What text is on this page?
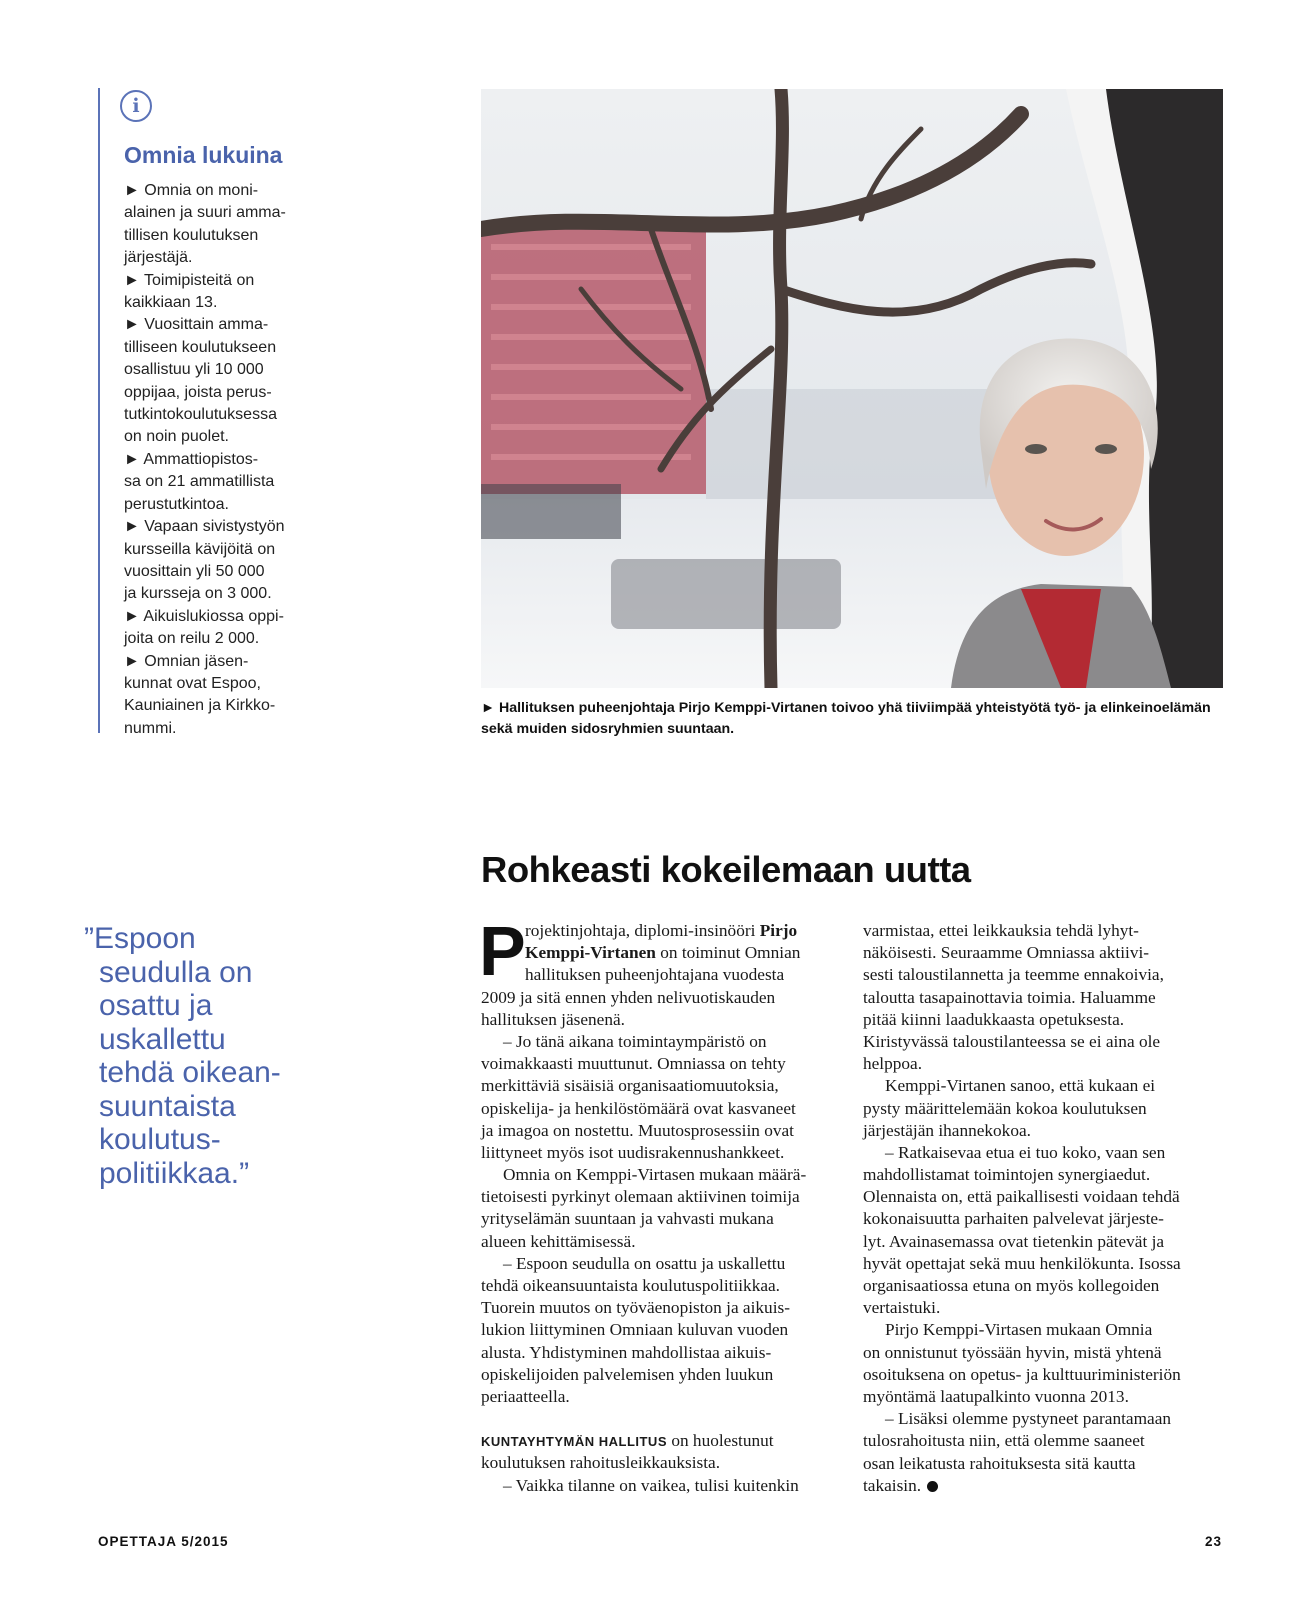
i
Omnia lukuina
► Omnia on moni-
alainen ja suuri amma-
tillisen koulutuksen
järjestäjä.
► Toimipisteitä on
kaikkiaan 13.
► Vuosittain amma-
tilliseen koulutukseen
osallistuu yli 10 000
oppijaa, joista perus-
tutkintokoulutuksessa
on noin puolet.
► Ammattiopistos-
sa on 21 ammatillista
perustutkintoa.
► Vapaan sivistystyön
kursseilla kävijöitä on
vuosittain yli 50 000
ja kursseja on 3 000.
► Aikuislukiossa oppi-
joita on reilu 2 000.
► Omnian jäsen-
kunnat ovat Espoo,
Kauniainen ja Kirkko-
nummi.
► Hallituksen puheenjohtaja Pirjo Kemppi-Virtanen toivoo yhä tiiviimpää yhteistyötä työ- ja elinkeinoelämän sekä muiden sidosryhmien suuntaan.
Rohkeasti kokeilemaan uutta
”Espoon
seudulla on
osattu ja
uskallettu
tehdä oikean-
suuntaista
koulutus-
politiikkaa.”
P rojektinjohtaja, diplomi-insinööri Pirjo
Kemppi-Virtanen on toiminut Omnian
hallituksen puheenjohtajana vuodesta
2009 ja sitä ennen yhden nelivuotiskauden
hallituksen jäsenenä.
– Jo tänä aikana toimintaympäristö on
voimakkaasti muuttunut. Omniassa on tehty
merkittäviä sisäisiä organisaatiomuutoksia,
opiskelija- ja henkilöstömäärä ovat kasvaneet
ja imagoa on nostettu. Muutosprosessiin ovat
liittyneet myös isot uudisrakennushankkeet.
Omnia on Kemppi-Virtasen mukaan määrä-
tietoisesti pyrkinyt olemaan aktiivinen toimija
yrityselämän suuntaan ja vahvasti mukana
alueen kehittämisessä.
– Espoon seudulla on osattu ja uskallettu
tehdä oikeansuuntaista koulutuspolitiikkaa.
Tuorein muutos on työväenopiston ja aikuis-
lukion liittyminen Omniaan kuluvan vuoden
alusta. Yhdistyminen mahdollistaa aikuis-
opiskelijoiden palvelemisen yhden luukun
periaatteella.
KUNTAYHTYMÄN HALLITUS on huolestunut
koulutuksen rahoitusleikkauksista.
– Vaikka tilanne on vaikea, tulisi kuitenkin
varmistaa, ettei leikkauksia tehdä lyhyt-
näköisesti. Seuraamme Omniassa aktiivi-
sesti taloustilannetta ja teemme ennakoivia,
taloutta tasapainottavia toimia. Haluamme
pitää kiinni laadukkaasta opetuksesta.
Kiristyvässä taloustilanteessa se ei aina ole
helppoa.
Kemppi-Virtanen sanoo, että kukaan ei
pysty määrittelemään kokoa koulutuksen
järjestäjän ihannekokoa.
– Ratkaisevaa etua ei tuo koko, vaan sen
mahdollistamat toimintojen synergiaedut.
Olennaista on, että paikallisesti voidaan tehdä
kokonaisuutta parhaiten palvelevat järjeste-
lyt. Avainasemassa ovat tietenkin pätevät ja
hyvät opettajat sekä muu henkilökunta. Isossa
organisaatiossa etuna on myös kollegoiden
vertaistuki.
Pirjo Kemppi-Virtasen mukaan Omnia
on onnistunut työssään hyvin, mistä yhtenä
osoituksena on opetus- ja kulttuuriministeriön
myöntämä laatupalkinto vuonna 2013.
– Lisäksi olemme pystyneet parantamaan
tulosrahoitusta niin, että olemme saaneet
osan leikatusta rahoituksesta sitä kautta
takaisin.
OPETTAJA 5/2015	23
